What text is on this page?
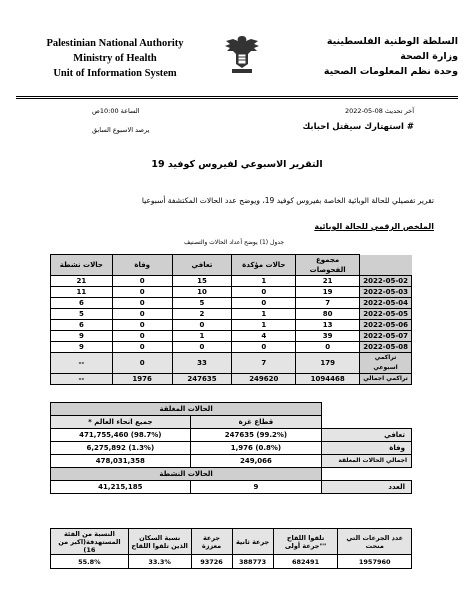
Palestinian National Authority
Ministry of Health
Unit of Information System
السلطة الوطنية الفلسطينية
وزارة الصحة
وحدة نظم المعلومات الصحية
آخر تحديث 08-05-2022
الساعة 10:00ص
# استهتارك سيقتل احبابك
يرصد الاسبوع السابق
التقرير الاسبوعي لفيروس كوفيد 19
تقرير تفصيلي للحالة الوبائية الخاصة بفيروس كوفيد 19، ويوضح عدد الحالات المكتشفة أسبوعيا
الملخص الرقمي للحالة الوبائية
جدول (1) يوضح أعداد الحالات والتصنيف
حالات نشطة	وفاة	تعافي	حالات مؤكدة	مجموع الفحوصات	
21	0	15	1	21	2022-05-02
11	0	10	0	19	2022-05-03
6	0	5	0	7	2022-05-04
5	0	2	1	80	2022-05-05
6	0	0	1	13	2022-05-06
9	0	1	4	39	2022-05-07
9	0	0	0	0	2022-05-08
--	0	33	7	179	تراكمي اسبوعي
--	1976	247635	249620	1094468	تراكمي اجمالي
الحالات المغلقة		
* جميع انحاء العالم	قطاع غزة	
471,755,460 (98.7%)	247635 (99.2%)	تعافي
6,275,892 (1.3%)	1,976 (0.8%)	وفاة
478,031,358	249,066	اجمالي الحالات المغلقة
الحالات النشطة		
41,215,185	9	العدد
النسبة من الفئة المستهدفة(اكبر من 16)	نسبة السكان الذين تلقوا اللقاح	جرعة معززة	جرعة ثانية	تلقوا اللقاح "جرعة أولى"	عدد الجرعات التي منحت
55.8%	33.3%	93726	388773	682491	1957960
